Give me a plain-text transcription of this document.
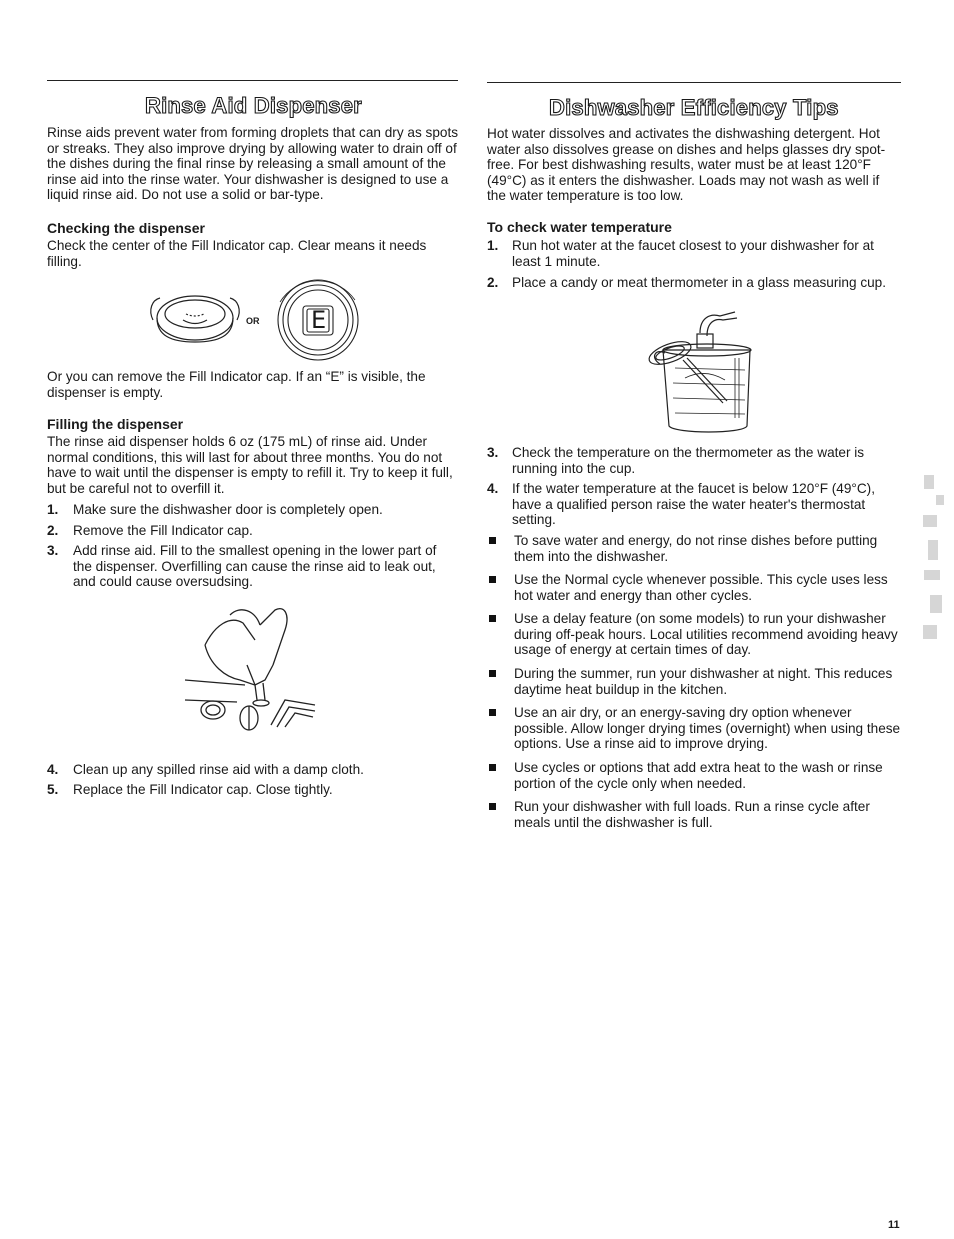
Rinse Aid Dispenser

Rinse aids prevent water from forming droplets that can dry as spots or streaks. They also improve drying by allowing water to drain off of the dishes during the final rinse by releasing a small amount of the rinse aid into the rinse water. Your dishwasher is designed to use a liquid rinse aid. Do not use a solid or bar-type.

Checking the dispenser

Check the center of the Fill Indicator cap. Clear means it needs filling.

OR E

Or you can remove the Fill Indicator cap. If an “E” is visible, the dispenser is empty.

Filling the dispenser

The rinse aid dispenser holds 6 oz (175 mL) of rinse aid. Under normal conditions, this will last for about three months. You do not have to wait until the dispenser is empty to refill it. Try to keep it full, but be careful not to overfill it.

1. Make sure the dishwasher door is completely open.
2. Remove the Fill Indicator cap.
3. Add rinse aid. Fill to the smallest opening in the lower part of the dispenser. Overfilling can cause the rinse aid to leak out, and could cause oversudsing.
4. Clean up any spilled rinse aid with a damp cloth.
5. Replace the Fill Indicator cap. Close tightly.
Dishwasher Efficiency Tips

Hot water dissolves and activates the dishwashing detergent. Hot water also dissolves grease on dishes and helps glasses dry spot-free. For best dishwashing results, water must be at least 120°F (49°C) as it enters the dishwasher. Loads may not wash as well if the water temperature is too low.

To check water temperature
1. Run hot water at the faucet closest to your dishwasher for at least 1 minute.
2. Place a candy or meat thermometer in a glass measuring cup.
3. Check the temperature on the thermometer as the water is running into the cup.
4. If the water temperature at the faucet is below 120°F (49°C), have a qualified person raise the water heater's thermostat setting.
To save water and energy, do not rinse dishes before putting them into the dishwasher.
Use the Normal cycle whenever possible. This cycle uses less hot water and energy than other cycles.
Use a delay feature (on some models) to run your dishwasher during off-peak hours. Local utilities recommend avoiding heavy usage of energy at certain times of day.
During the summer, run your dishwasher at night. This reduces daytime heat buildup in the kitchen.
Use an air dry, or an energy-saving dry option whenever possible. Allow longer drying times (overnight) when using these options. Use a rinse aid to improve drying.
Use cycles or options that add extra heat to the wash or rinse portion of the cycle only when needed.
Run your dishwasher with full loads. Run a rinse cycle after meals until the dishwasher is full.
11
